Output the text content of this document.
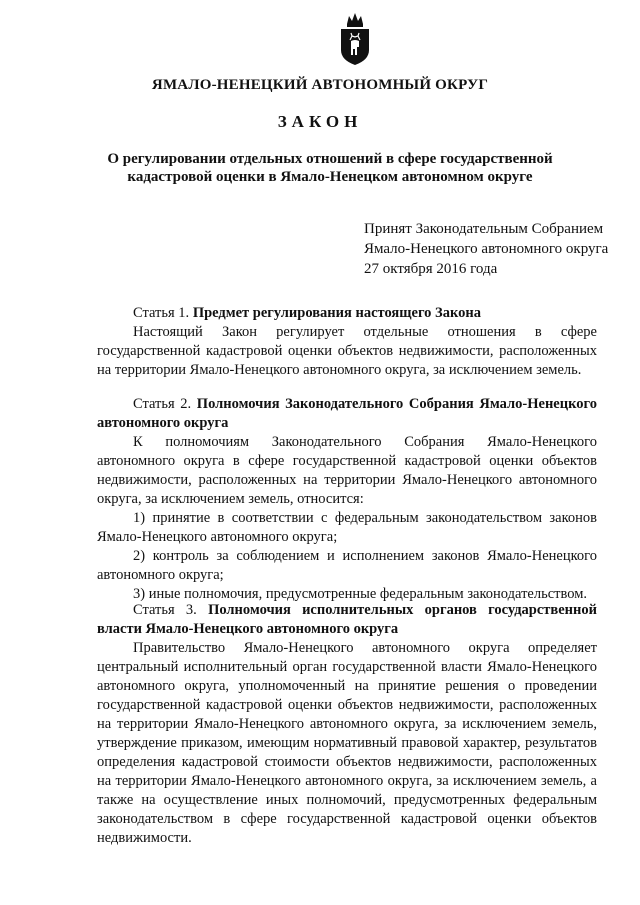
ЯМАЛО-НЕНЕЦКИЙ АВТОНОМНЫЙ ОКРУГ
ЗАКОН
О регулировании отдельных отношений в сфере государственной
кадастровой оценки в Ямало-Ненецком автономном округе
Принят Законодательным Собранием
Ямало-Ненецкого автономного округа
27 октября 2016 года

Статья 1. Предмет регулирования настоящего Закона

Настоящий Закон регулирует отдельные отношения в сфере государственной кадастровой оценки объектов недвижимости, расположенных на территории Ямало-Ненецкого автономного округа, за исключением земель.

Статья 2. Полномочия Законодательного Собрания Ямало-Ненецкого автономного округа

К полномочиям Законодательного Собрания Ямало-Ненецкого автономного округа в сфере государственной кадастровой оценки объектов недвижимости, расположенных на территории Ямало-Ненецкого автономного округа, за исключением земель, относится:

1) принятие в соответствии с федеральным законодательством законов Ямало-Ненецкого автономного округа;

2) контроль за соблюдением и исполнением законов Ямало-Ненецкого автономного округа;

3) иные полномочия, предусмотренные федеральным законодательством.

Статья 3. Полномочия исполнительных органов государственной власти Ямало-Ненецкого автономного округа

Правительство Ямало-Ненецкого автономного округа определяет центральный исполнительный орган государственной власти Ямало-Ненецкого автономного округа, уполномоченный на принятие решения о проведении государственной кадастровой оценки объектов недвижимости, расположенных на территории Ямало-Ненецкого автономного округа, за исключением земель, утверждение приказом, имеющим нормативный правовой характер, результатов определения кадастровой стоимости объектов недвижимости, расположенных на территории Ямало-Ненецкого автономного округа, за исключением земель, а также на осуществление иных полномочий, предусмотренных федеральным законодательством в сфере государственной кадастровой оценки объектов недвижимости.
